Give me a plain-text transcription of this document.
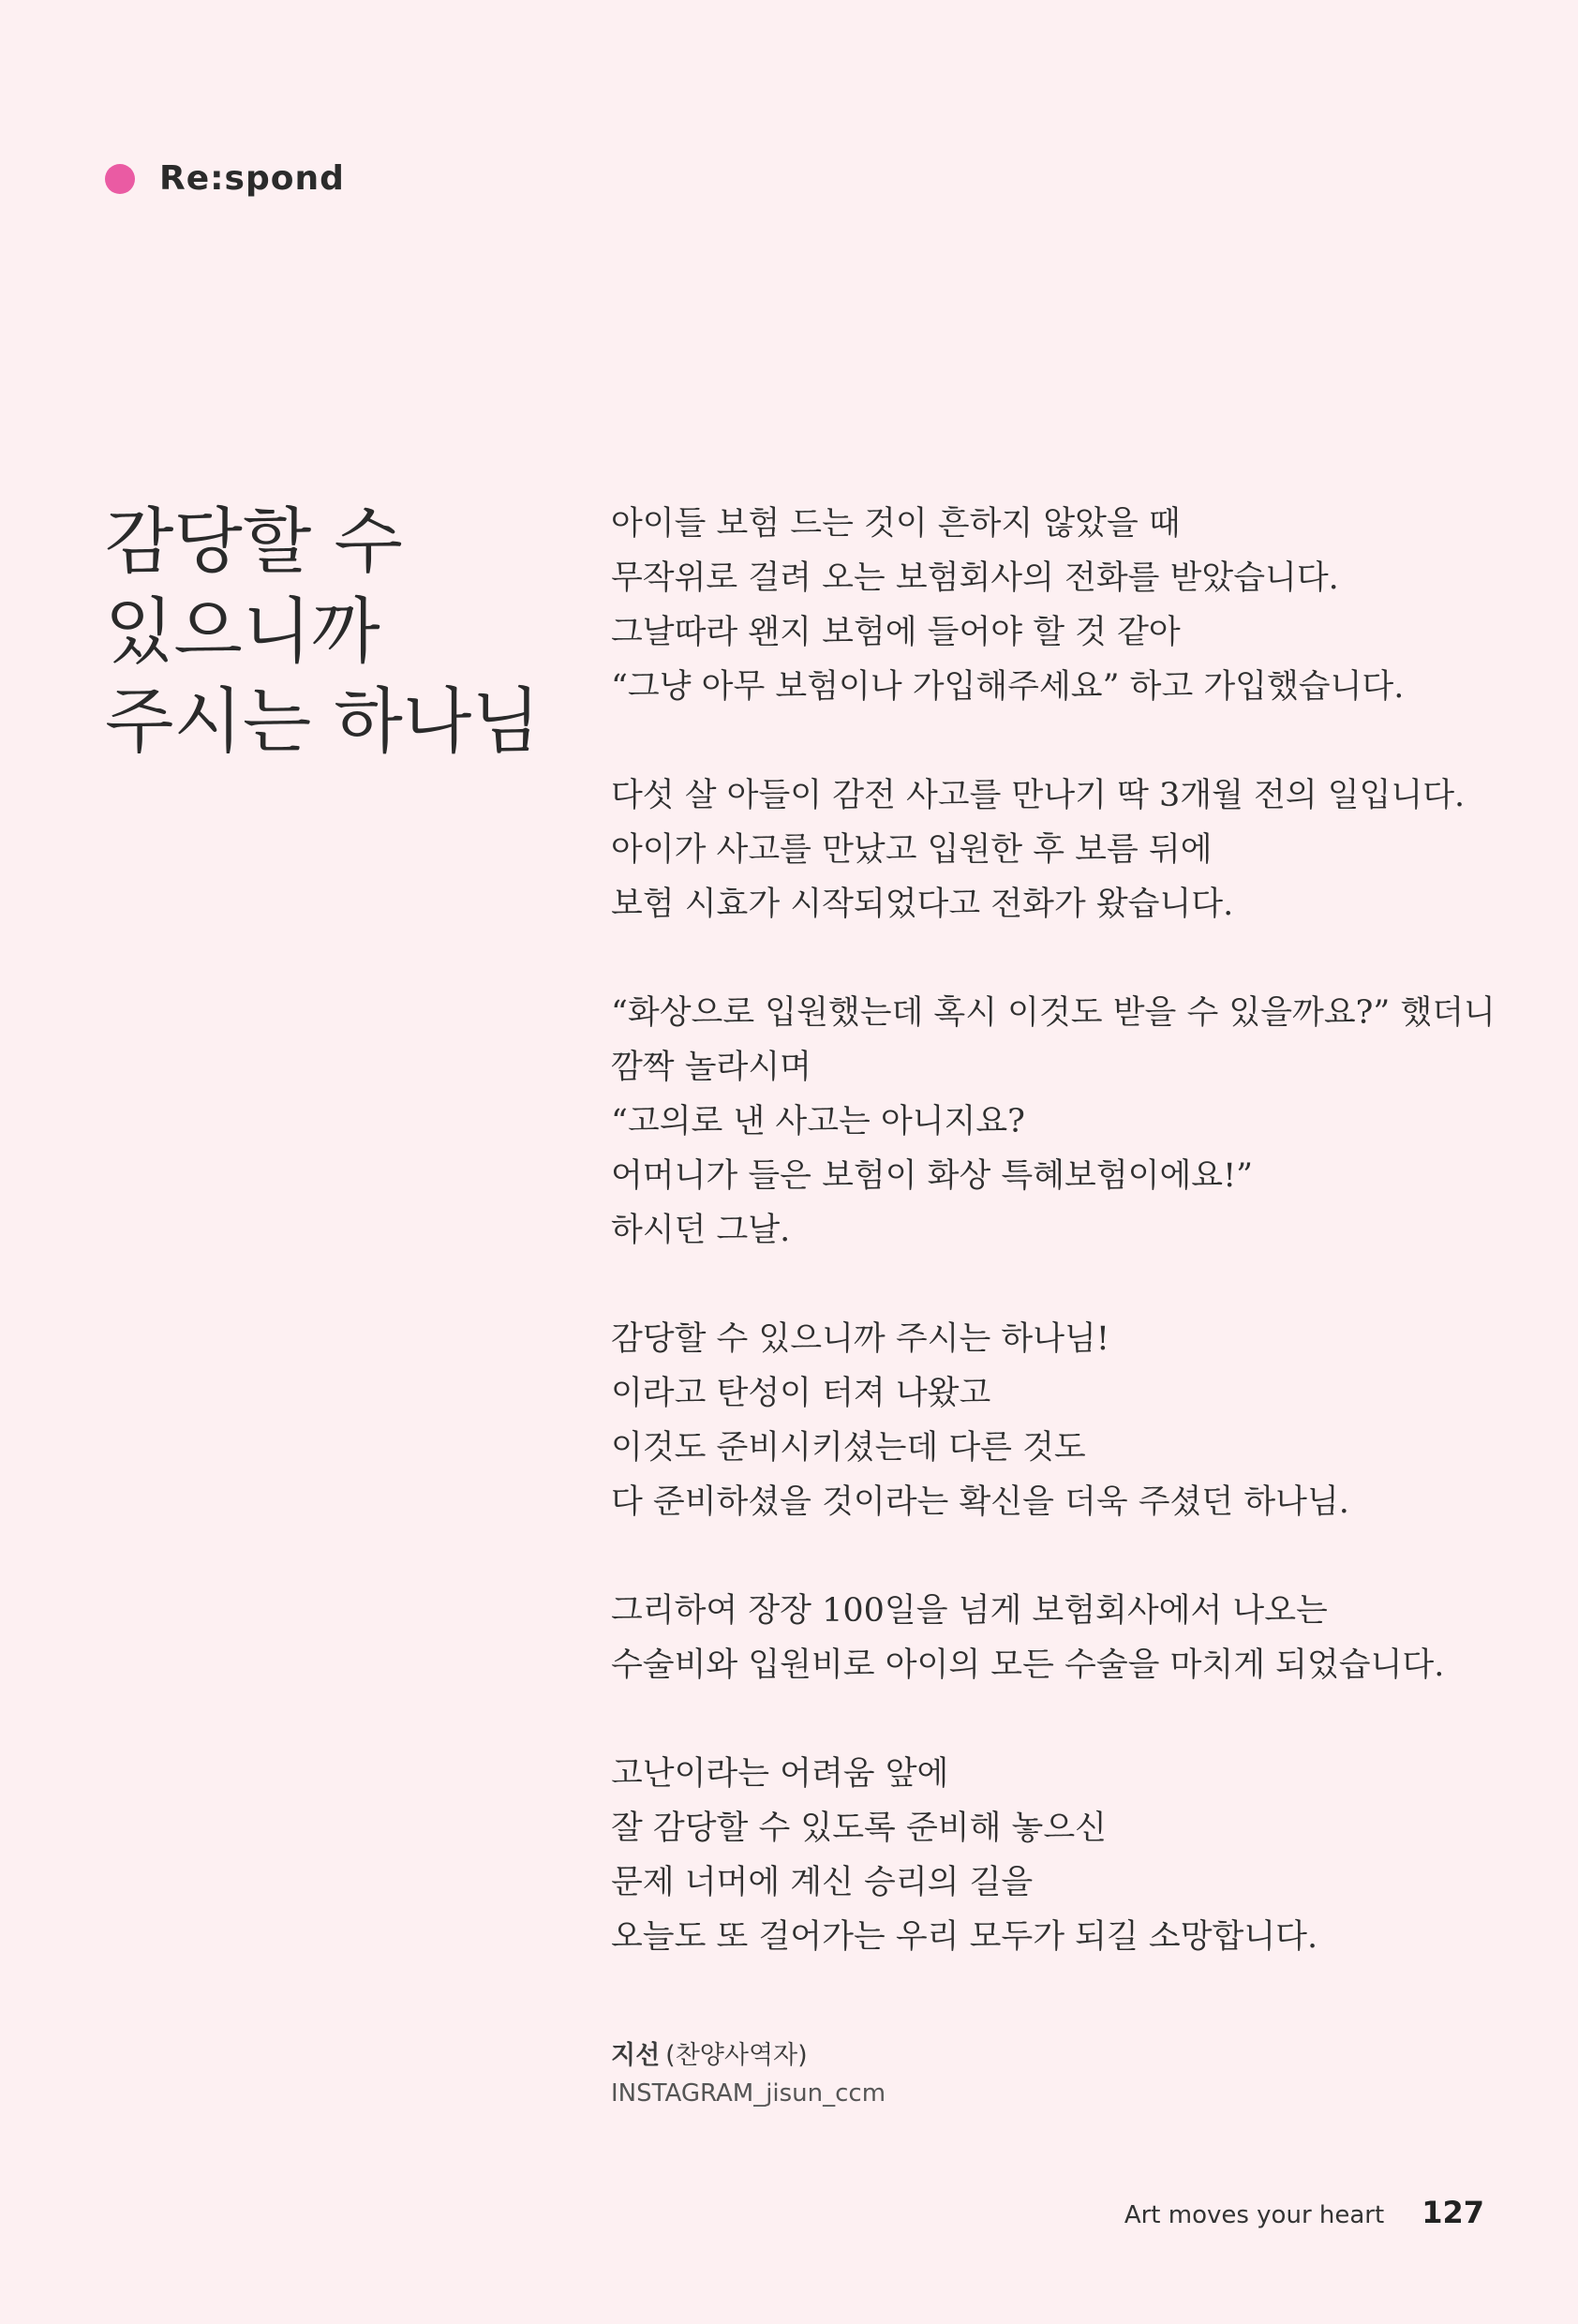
Re:spond
감당할 수
있으니까
주시는 하나님

아이들 보험 드는 것이 흔하지 않았을 때
무작위로 걸려 오는 보험회사의 전화를 받았습니다.
그날따라 왠지 보험에 들어야 할 것 같아
“그냥 아무 보험이나 가입해주세요” 하고 가입했습니다.

다섯 살 아들이 감전 사고를 만나기 딱 3개월 전의 일입니다.
아이가 사고를 만났고 입원한 후 보름 뒤에
보험 시효가 시작되었다고 전화가 왔습니다.

“화상으로 입원했는데 혹시 이것도 받을 수 있을까요?” 했더니
깜짝 놀라시며
“고의로 낸 사고는 아니지요?
어머니가 들은 보험이 화상 특혜보험이에요!”
하시던 그날.

감당할 수 있으니까 주시는 하나님!
이라고 탄성이 터져 나왔고
이것도 준비시키셨는데 다른 것도
다 준비하셨을 것이라는 확신을 더욱 주셨던 하나님.

그리하여 장장 100일을 넘게 보험회사에서 나오는
수술비와 입원비로 아이의 모든 수술을 마치게 되었습니다.

고난이라는 어려움 앞에
잘 감당할 수 있도록 준비해 놓으신
문제 너머에 계신 승리의 길을
오늘도 또 걸어가는 우리 모두가 되길 소망합니다.

지선 (찬양사역자)
INSTAGRAM_jisun_ccm
Art moves your heart 127
